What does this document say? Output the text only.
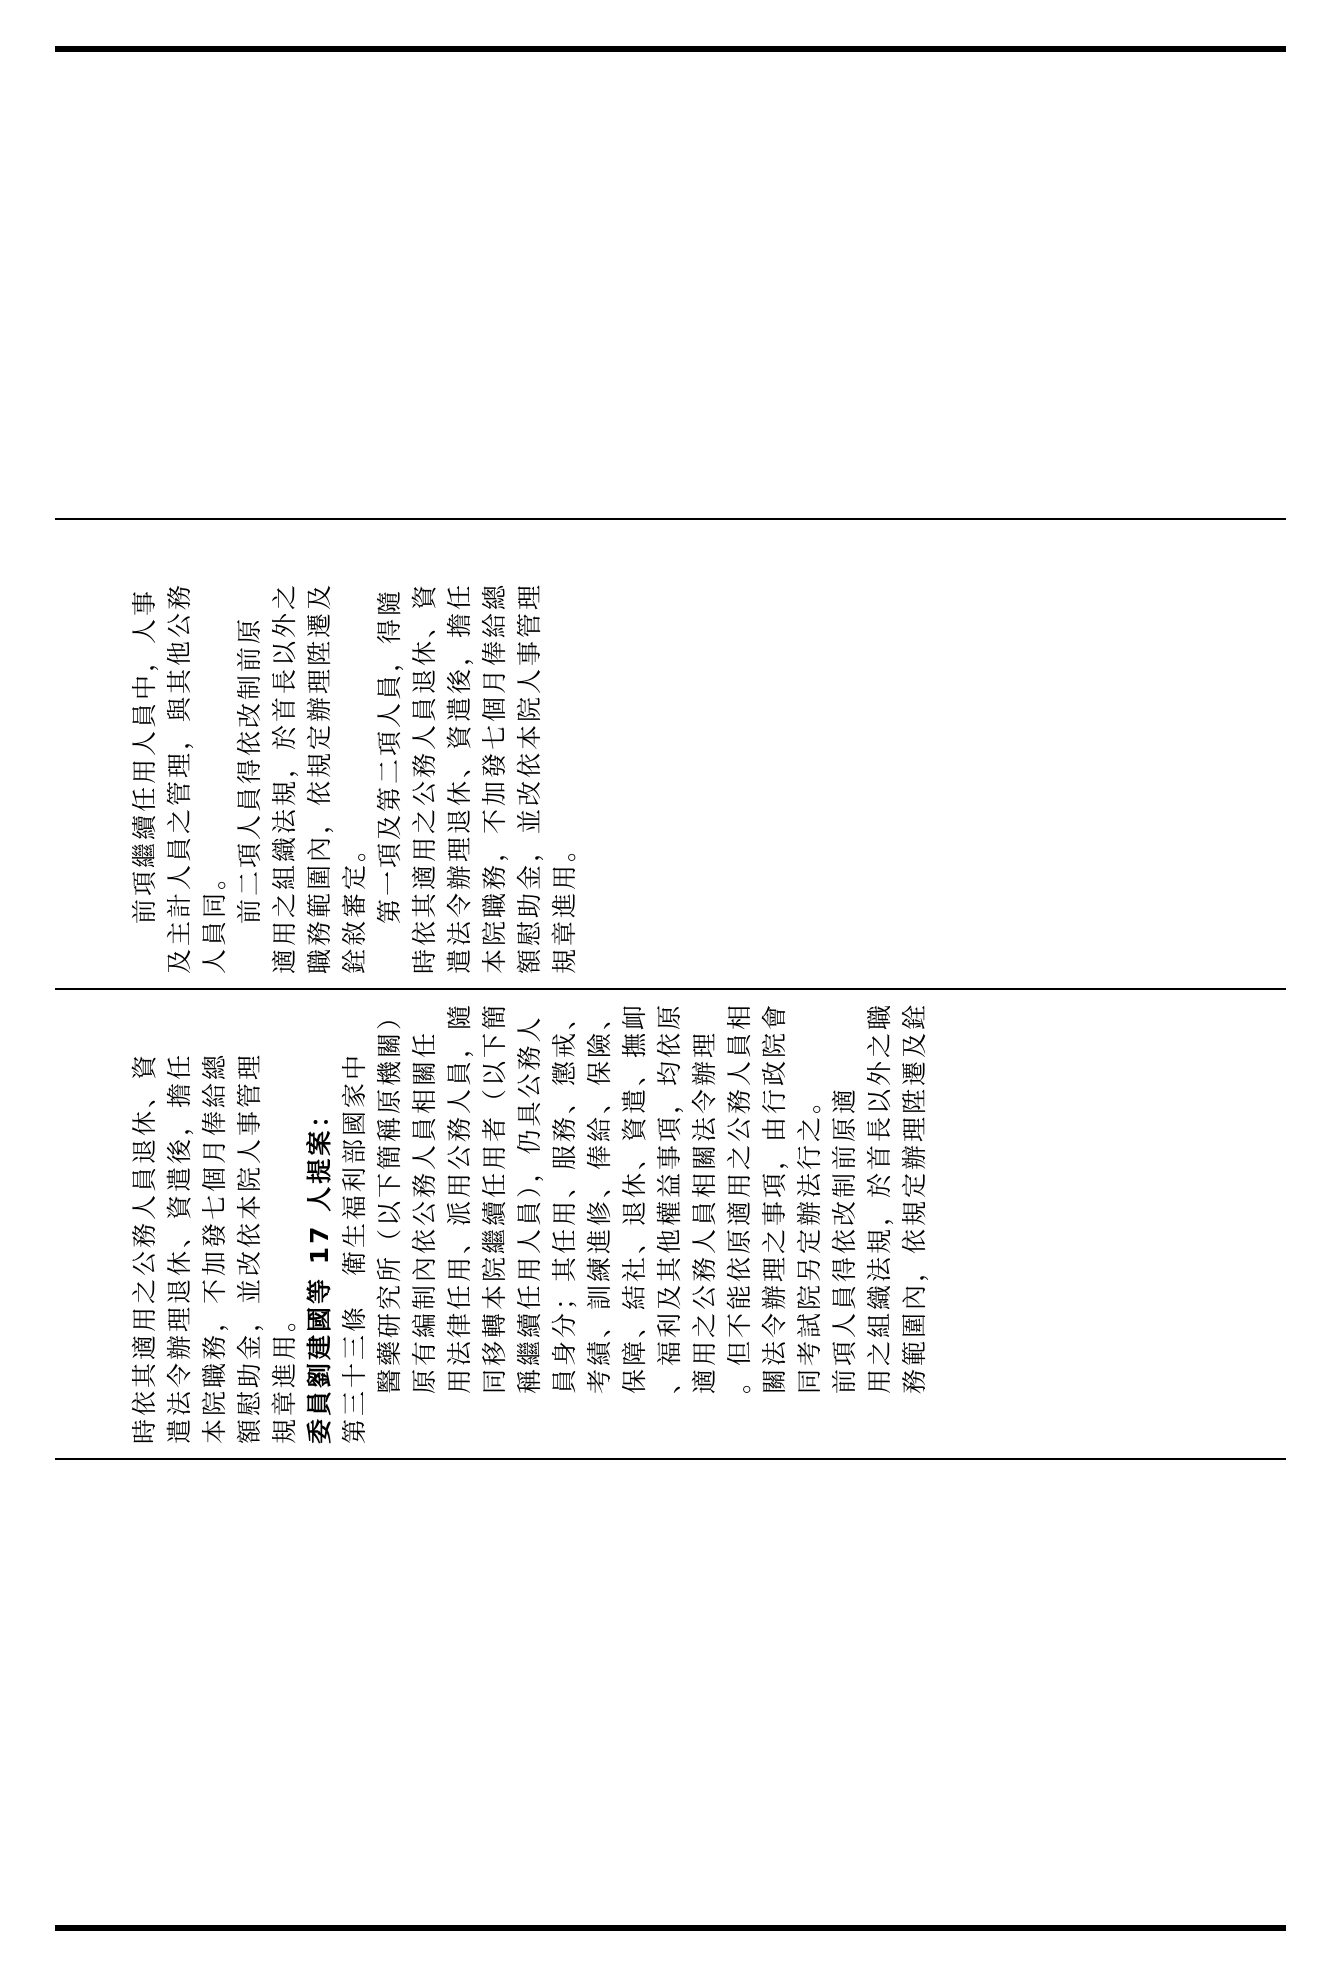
前項繼續任用人員中，人事 及主計人員之管理，與其他公務 人員同。 前二項人員得依改制前原 適用之組織法規，於首長以外之 職務範圍內，依規定辦理陞遷及 銓敘審定。 第一項及第二項人員，得隨 時依其適用之公務人員退休、資 遣法令辦理退休、資遣後，擔任 本院職務，不加發七個月俸給總 額慰助金，並改依本院人事管理 規章進用。
時依其適用之公務人員退休、資 遣法令辦理退休、資遣後，擔任 本院職務，不加發七個月俸給總 額慰助金，並改依本院人事管理 規章進用。 委員劉建國等 17 人提案： 第三十三條　衛生福利部國家中 醫藥研究所（以下簡稱原機關） 原有編制內依公務人員相關任 用法律任用、派用公務人員，隨 同移轉本院繼續任用者（以下簡 稱繼續任用人員），仍具公務人 員身分；其任用、服務、懲戒、 考績、訓練進修、俸給、保險、 保障、結社、退休、資遣、撫卹 、福利及其他權益事項，均依原 適用之公務人員相關法令辦理 。但不能依原適用之公務人員相 關法令辦理之事項，由行政院會 同考試院另定辦法行之。 前項人員得依改制前原適 用之組織法規，於首長以外之職 務範圍內，依規定辦理陞遷及銓
